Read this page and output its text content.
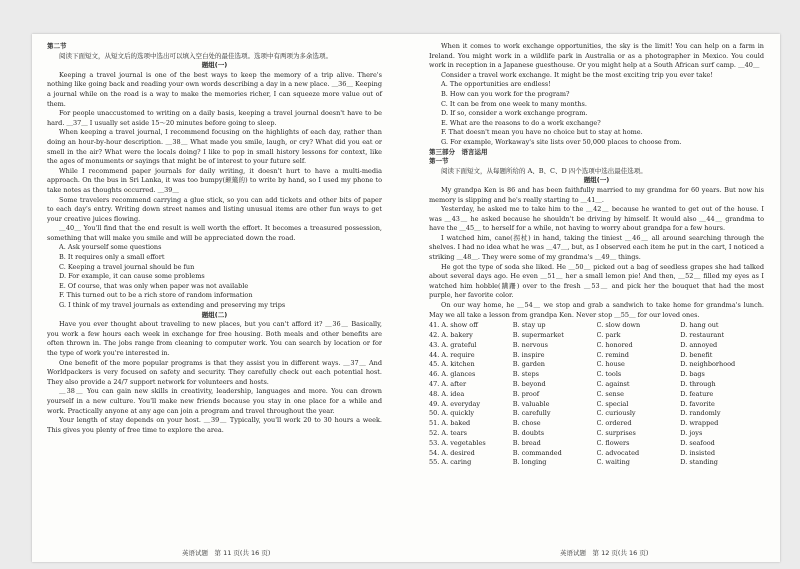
第二节

阅读下面短文，从短文后的选项中选出可以填入空白处的最佳选项。选项中有两项为多余选项。

题组(一)

Keeping a travel journal is one of the best ways to keep the memory of a trip alive. There's nothing like going back and reading your own words describing a day in a new place. ＿36＿ Keeping a journal while on the road is a way to make the memories richer, I can squeeze more value out of them.

For people unaccustomed to writing on a daily basis, keeping a travel journal doesn't have to be hard. ＿37＿ I usually set aside 15～20 minutes before going to sleep.

When keeping a travel journal, I recommend focusing on the highlights of each day, rather than doing an hour-by-hour description. ＿38＿ What made you smile, laugh, or cry? What did you eat or smell in the air? What were the locals doing? I like to pop in small history lessons for context, like the ages of monuments or sayings that might be of interest to your future self.

While I recommend paper journals for daily writing, it doesn't hurt to have a multi-media approach. On the bus in Sri Lanka, it was too bumpy(颠簸的) to write by hand, so I used my phone to take notes as thoughts occurred. ＿39＿

Some travelers recommend carrying a glue stick, so you can add tickets and other bits of paper to each day's entry. Writing down street names and listing unusual items are other fun ways to get your creative juices flowing.

＿40＿ You'll find that the end result is well worth the effort. It becomes a treasured possession, something that will make you smile and will be appreciated down the road.

A. Ask yourself some questions

B. It requires only a small effort

C. Keeping a travel journal should be fun

D. For example, it can cause some problems

E. Of course, that was only when paper was not available

F. This turned out to be a rich store of random information

G. I think of my travel journals as extending and preserving my trips

题组(二)

Have you ever thought about traveling to new places, but you can't afford it? ＿36＿ Basically, you work a few hours each week in exchange for free housing. Both meals and other benefits are often thrown in. The jobs range from cleaning to computer work. You can search by location or for the type of work you're interested in.

One benefit of the more popular programs is that they assist you in different ways. ＿37＿ And Worldpackers is very focused on safety and security. They carefully check out each potential host. They also provide a 24/7 support network for volunteers and hosts.

＿38＿ You can gain new skills in creativity, leadership, languages and more. You can drown yourself in a new culture. You'll make new friends because you stay in one place for a while and work. Practically anyone at any age can join a program and travel throughout the year.

Your length of stay depends on your host. ＿39＿ Typically, you'll work 20 to 30 hours a week. This gives you plenty of free time to explore the area.

When it comes to work exchange opportunities, the sky is the limit! You can help on a farm in Ireland. You might work in a wildlife park in Australia or as a photographer in Mexico. You could work in reception in a Japanese guesthouse. Or you might help at a South African surf camp. ＿40＿

Consider a travel work exchange. It might be the most exciting trip you ever take!

A. The opportunities are endless!

B. How can you work for the program?

C. It can be from one week to many months.

D. If so, consider a work exchange program.

E. What are the reasons to do a work exchange?

F. That doesn't mean you have no choice but to stay at home.

G. For example, Workaway's site lists over 50,000 places to choose from.

第三部分　语言运用

第一节

阅读下面短文，从每题所给的 A、B、C、D 四个选项中选出最佳选项。

题组(一)

My grandpa Ken is 86 and has been faithfully married to my grandma for 60 years. But now his memory is slipping and he's really starting to ＿41＿.

Yesterday, he asked me to take him to the ＿42＿ because he wanted to get out of the house. I was ＿43＿ he asked because he shouldn't be driving by himself. It would also ＿44＿ grandma to have the ＿45＿ to herself for a while, not having to worry about grandpa for a few hours.

I watched him, cane(拐杖) in hand, taking the tiniest ＿46＿ all around searching through the shelves. I had no idea what he was ＿47＿, but, as I observed each item he put in the cart, I noticed a striking ＿48＿. They were some of my grandma's ＿49＿ things.

He got the type of soda she liked. He ＿50＿ picked out a bag of seedless grapes she had talked about several days ago. He even ＿51＿ her a small lemon pie! And then, ＿52＿ filled my eyes as I watched him hobble(蹒跚) over to the fresh ＿53＿ and pick her the bouquet that had the most purple, her favorite color.

On our way home, he ＿54＿ we stop and grab a sandwich to take home for grandma's lunch. May we all take a lesson from grandpa Ken. Never stop ＿55＿ for our loved ones.

41. A. show off	B. stay up	C. slow down	D. hang out
42. A. bakery	B. supermarket	C. park	D. restaurant
43. A. grateful	B. nervous	C. honored	D. annoyed
44. A. require	B. inspire	C. remind	D. benefit
45. A. kitchen	B. garden	C. house	D. neighborhood
46. A. glances	B. steps	C. tools	D. bags
47. A. after	B. beyond	C. against	D. through
48. A. idea	B. proof	C. sense	D. feature
49. A. everyday	B. valuable	C. special	D. favorite
50. A. quickly	B. carefully	C. curiously	D. randomly
51. A. baked	B. chose	C. ordered	D. wrapped
52. A. tears	B. doubts	C. surprises	D. joys
53. A. vegetables	B. bread	C. flowers	D. seafood
54. A. desired	B. commanded	C. advocated	D. insisted
55. A. caring	B. longing	C. waiting	D. standing
英语试题　第 11 页(共 16 页)	英语试题　第 12 页(共 16 页)
